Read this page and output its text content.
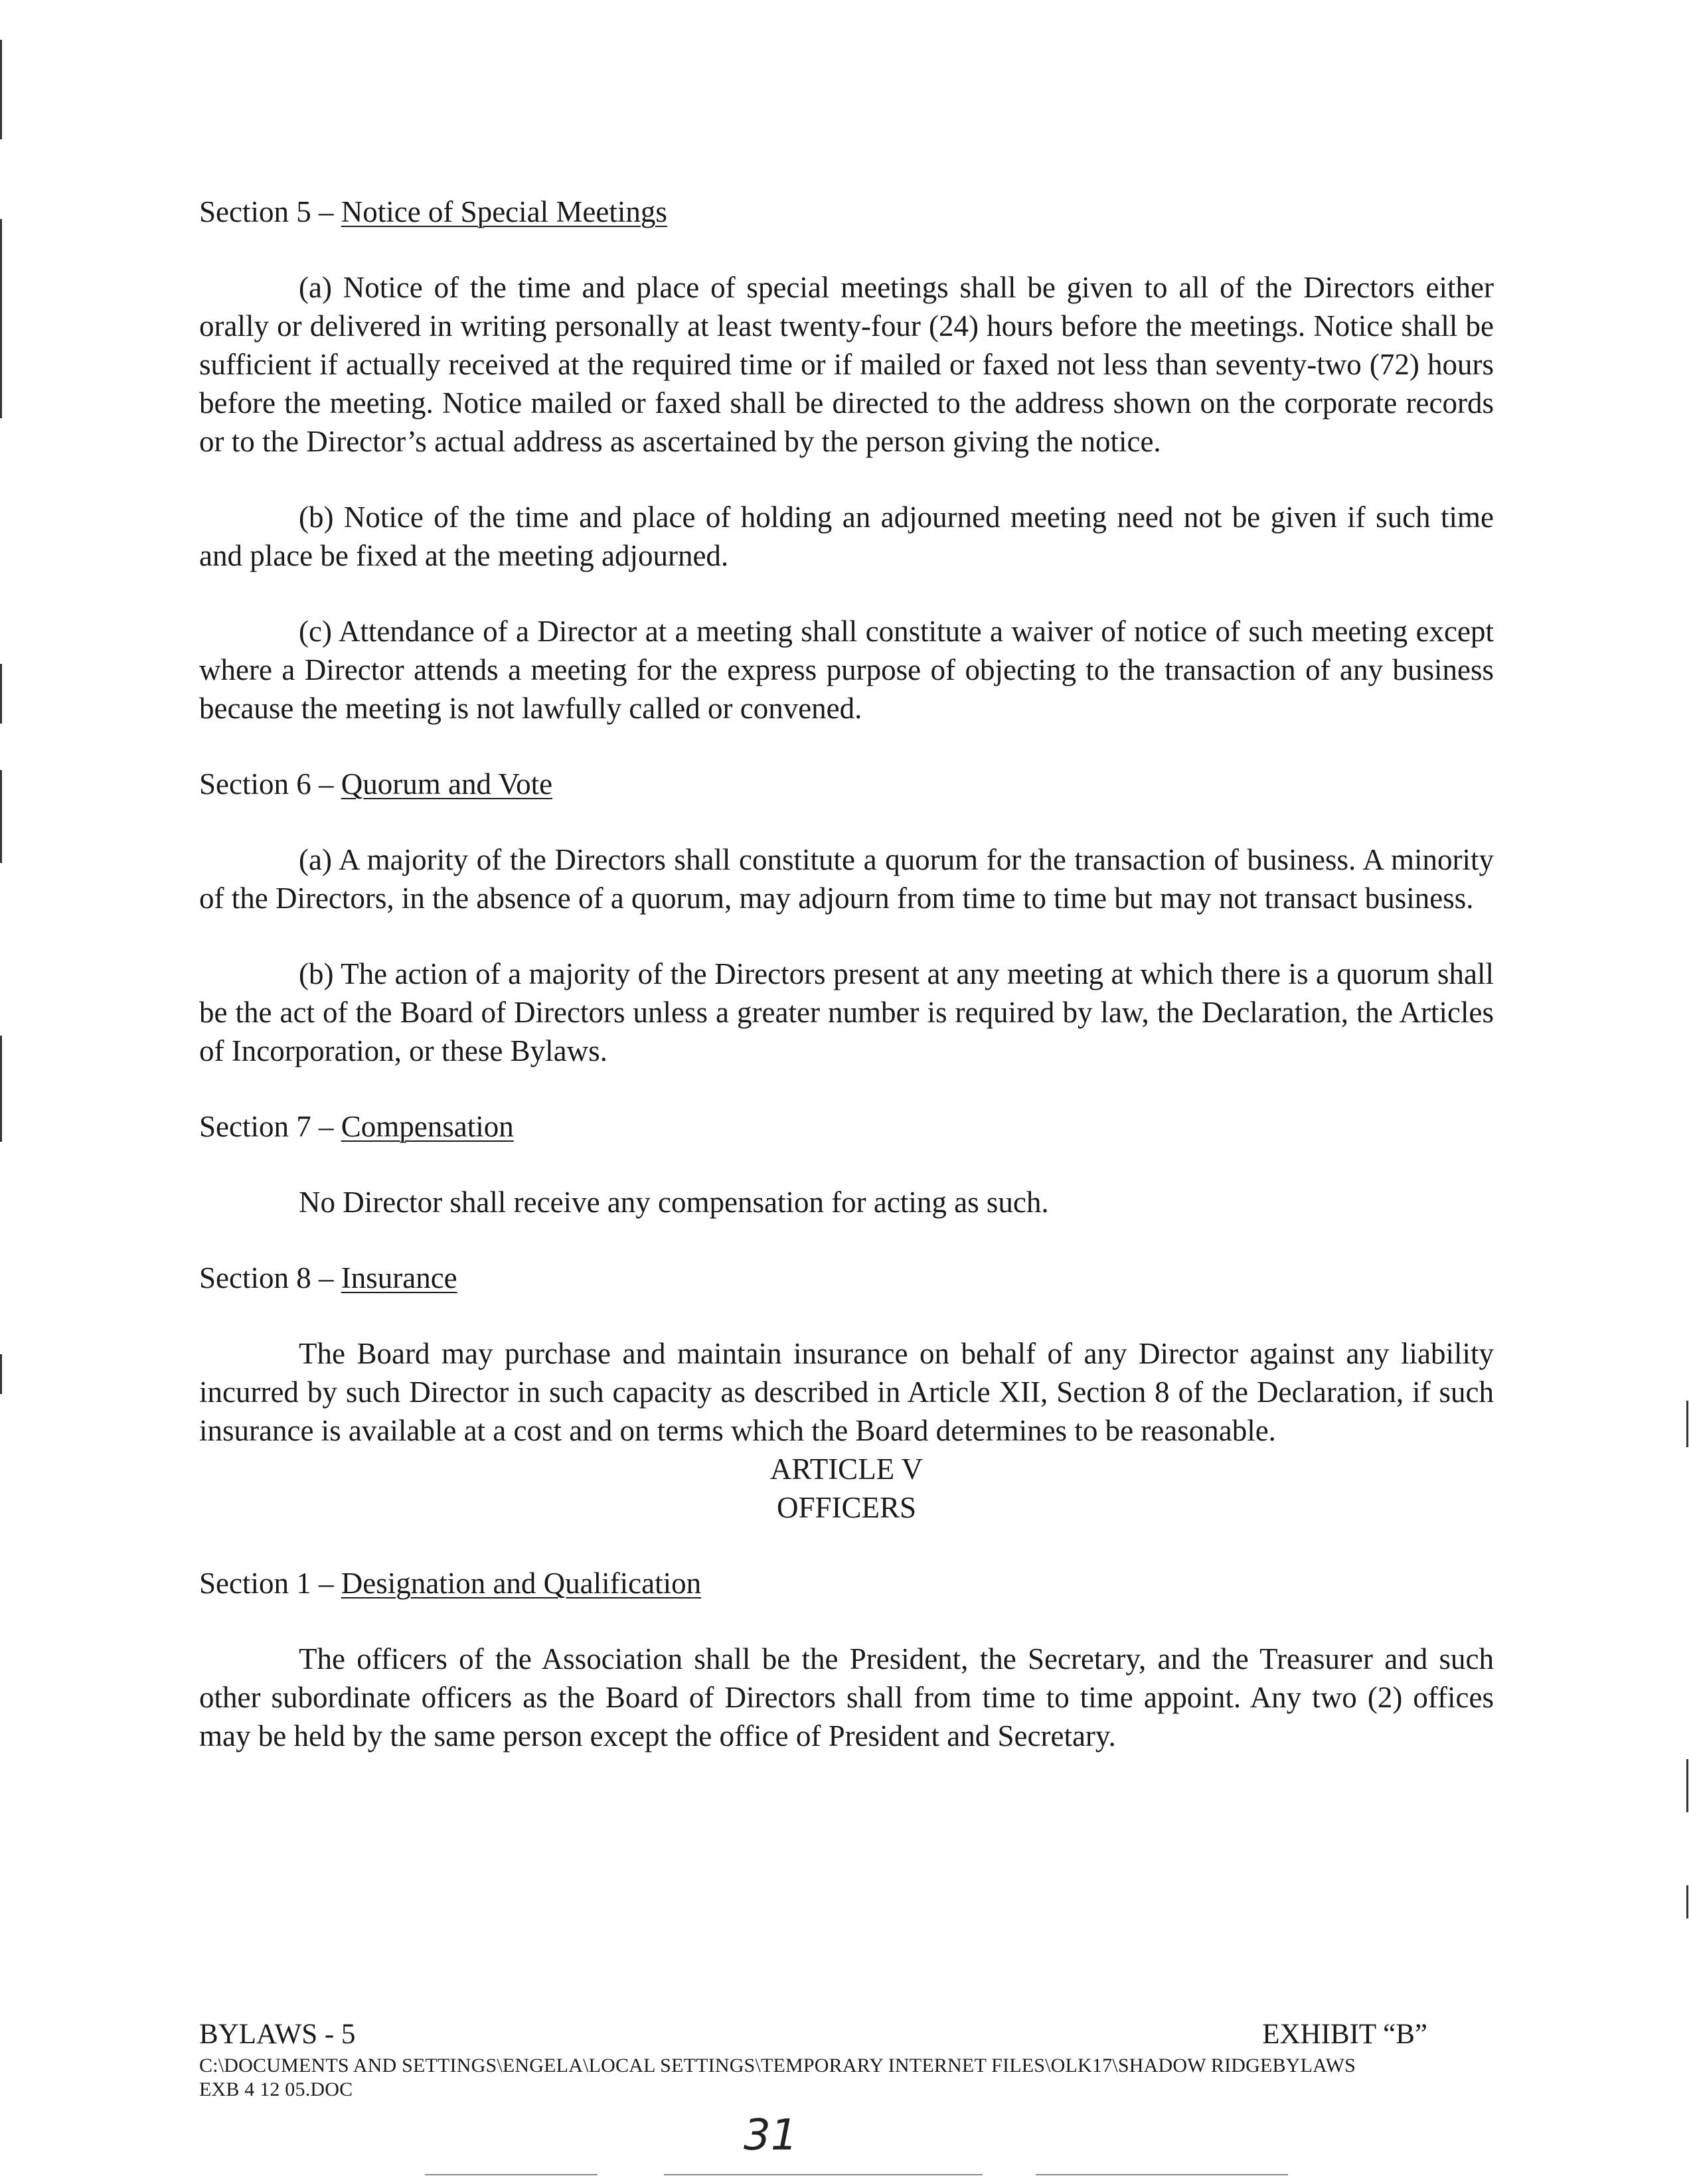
Section 5 – Notice of Special Meetings

(a) Notice of the time and place of special meetings shall be given to all of the Directors either orally or delivered in writing personally at least twenty-four (24) hours before the meetings. Notice shall be sufficient if actually received at the required time or if mailed or faxed not less than seventy-two (72) hours before the meeting. Notice mailed or faxed shall be directed to the address shown on the corporate records or to the Director’s actual address as ascertained by the person giving the notice.

(b) Notice of the time and place of holding an adjourned meeting need not be given if such time and place be fixed at the meeting adjourned.

(c) Attendance of a Director at a meeting shall constitute a waiver of notice of such meeting except where a Director attends a meeting for the express purpose of objecting to the transaction of any business because the meeting is not lawfully called or convened.

Section 6 – Quorum and Vote

(a) A majority of the Directors shall constitute a quorum for the transaction of business. A minority of the Directors, in the absence of a quorum, may adjourn from time to time but may not transact business.

(b) The action of a majority of the Directors present at any meeting at which there is a quorum shall be the act of the Board of Directors unless a greater number is required by law, the Declaration, the Articles of Incorporation, or these Bylaws.

Section 7 – Compensation

No Director shall receive any compensation for acting as such.

Section 8 – Insurance

The Board may purchase and maintain insurance on behalf of any Director against any liability incurred by such Director in such capacity as described in Article XII, Section 8 of the Declaration, if such insurance is available at a cost and on terms which the Board determines to be reasonable.

ARTICLE V
OFFICERS
Section 1 – Designation and Qualification

The officers of the Association shall be the President, the Secretary, and the Treasurer and such other subordinate officers as the Board of Directors shall from time to time appoint. Any two (2) offices may be held by the same person except the office of President and Secretary.

BYLAWS - 5	EXHIBIT “B”
C:\DOCUMENTS AND SETTINGS\ENGELA\LOCAL SETTINGS\TEMPORARY INTERNET FILES\OLK17\SHADOW RIDGEBYLAWS
EXB 4 12 05.DOC
31
